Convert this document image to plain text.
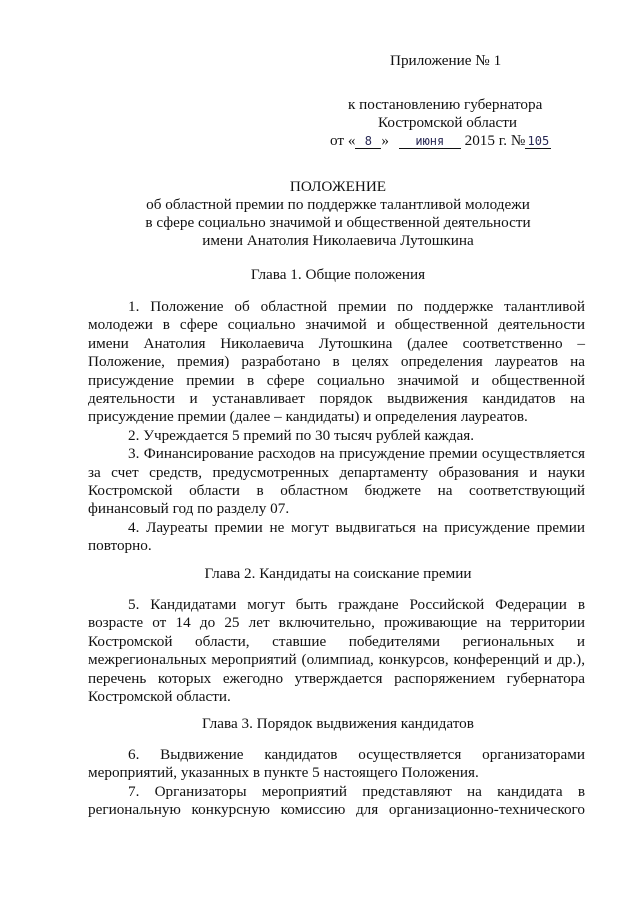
Приложение № 1
к постановлению губернатора
Костромской области
от « 8 » июня 2015 г. № 105
ПОЛОЖЕНИЕ
об областной премии по поддержке талантливой молодежи
в сфере социально значимой и общественной деятельности
имени Анатолия Николаевича Лутошкина
Глава 1. Общие положения

1. Положение об областной премии по поддержке талантливой молодежи в сфере социально значимой и общественной деятельности имени Анатолия Николаевича Лутошкина (далее соответственно – Положение, премия) разработано в целях определения лауреатов на присуждение премии в сфере социально значимой и общественной деятельности и устанавливает порядок выдвижения кандидатов на присуждение премии (далее – кандидаты) и определения лауреатов.

2. Учреждается 5 премий по 30 тысяч рублей каждая.

3. Финансирование расходов на присуждение премии осуществляется за счет средств, предусмотренных департаменту образования и науки Костромской области в областном бюджете на соответствующий финансовый год по разделу 07.

4. Лауреаты премии не могут выдвигаться на присуждение премии повторно.

Глава 2. Кандидаты на соискание премии

5. Кандидатами могут быть граждане Российской Федерации в возрасте от 14 до 25 лет включительно, проживающие на территории Костромской области, ставшие победителями региональных и межрегиональных мероприятий (олимпиад, конкурсов, конференций и др.), перечень которых ежегодно утверждается распоряжением губернатора Костромской области.

Глава 3. Порядок выдвижения кандидатов

6. Выдвижение кандидатов осуществляется организаторами мероприятий, указанных в пункте 5 настоящего Положения.

7. Организаторы мероприятий представляют на кандидата в региональную конкурсную комиссию для организационно-технического
